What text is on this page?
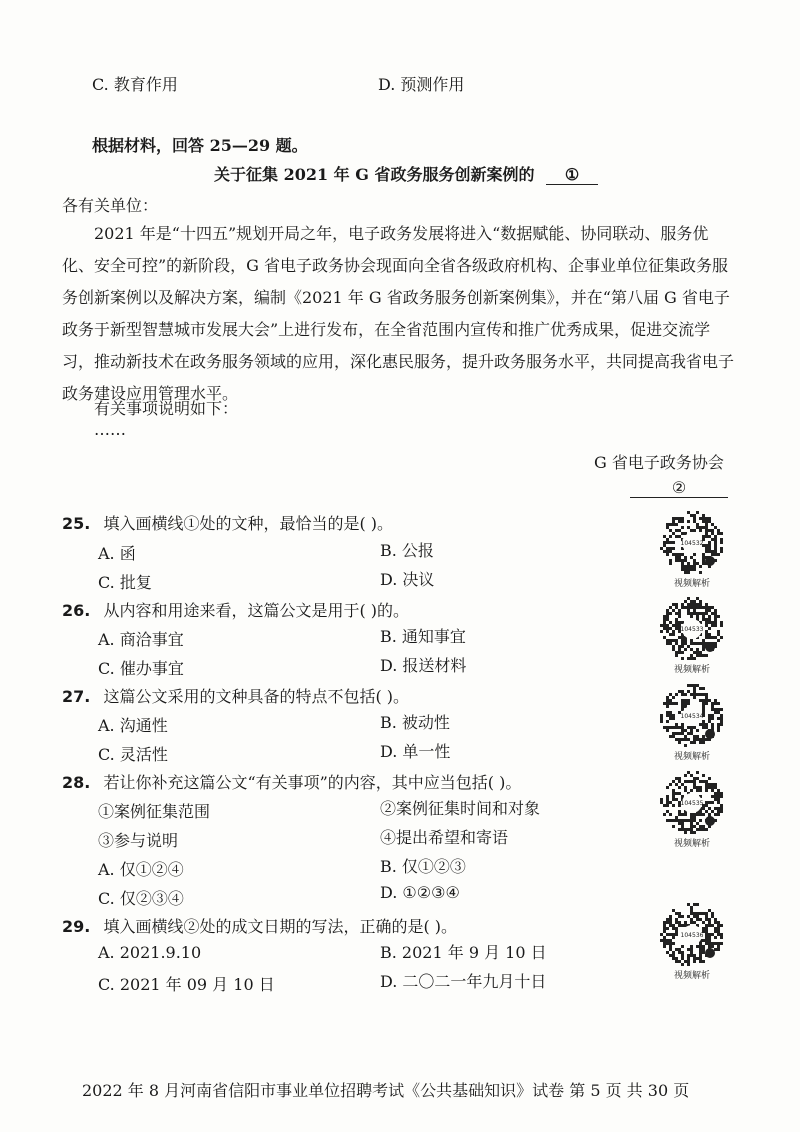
C. 教育作用	D. 预测作用
根据材料，回答 25—29 题。
关于征集 2021 年 G 省政务服务创新案例的 ①
各有关单位：
2021 年是“十四五”规划开局之年，电子政务发展将进入“数据赋能、协同联动、服务优化、安全可控”的新阶段，G 省电子政务协会现面向全省各级政府机构、企事业单位征集政务服务创新案例以及解决方案，编制《2021 年 G 省政务服务创新案例集》，并在“第八届 G 省电子政务于新型智慧城市发展大会”上进行发布，在全省范围内宣传和推广优秀成果，促进交流学习，推动新技术在政务服务领域的应用，深化惠民服务，提升政务服务水平，共同提高我省电子政务建设应用管理水平。
有关事项说明如下：
……
G 省电子政务协会
②
25. 填入画横线①处的文种，最恰当的是( )。
A. 函	B. 公报
C. 批复	D. 决议
26. 从内容和用途来看，这篇公文是用于( )的。
A. 商洽事宜	B. 通知事宜
C. 催办事宜	D. 报送材料
27. 这篇公文采用的文种具备的特点不包括( )。
A. 沟通性	B. 被动性
C. 灵活性	D. 单一性
28. 若让你补充这篇公文“有关事项”的内容，其中应当包括( )。
①案例征集范围	②案例征集时间和对象
③参与说明	④提出希望和寄语
A. 仅①②④	B. 仅①②③
C. 仅②③④	D. ①②③④
29. 填入画横线②处的成文日期的写法，正确的是( )。
A. 2021.9.10	B. 2021 年 9 月 10 日
C. 2021 年 09 月 10 日	D. 二〇二一年九月十日
104532
视频解析
104533
视频解析
104534
视频解析
104535
视频解析
104536
视频解析
2022 年 8 月河南省信阳市事业单位招聘考试《公共基础知识》试卷 第 5 页 共 30 页
